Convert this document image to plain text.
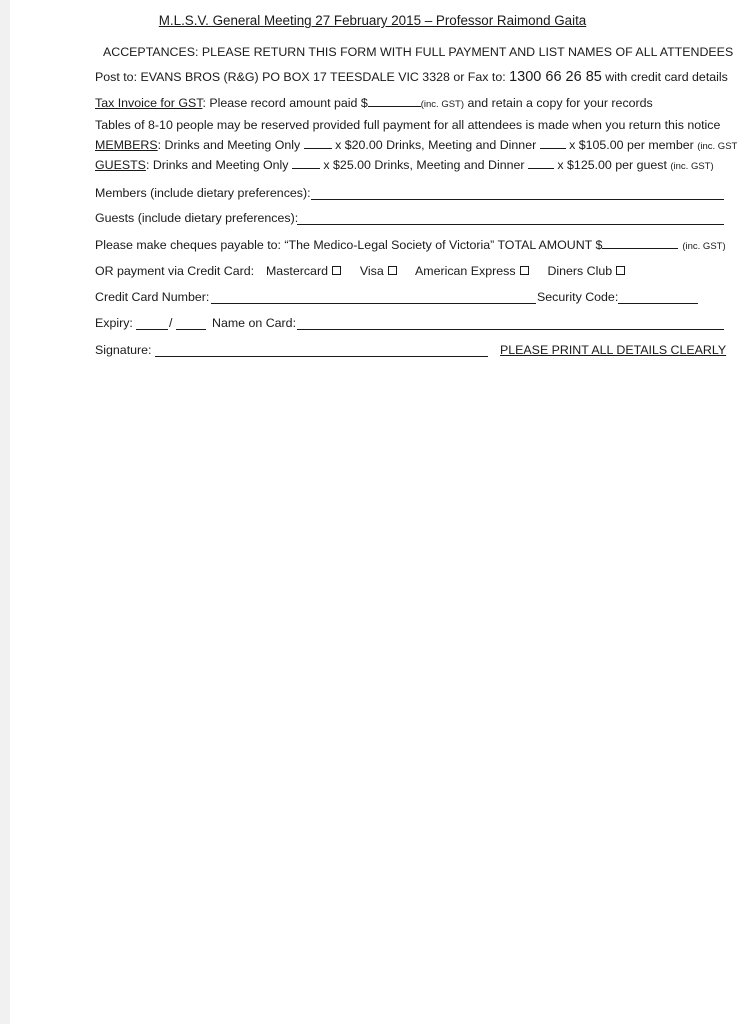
M.L.S.V. General Meeting 27 February 2015 – Professor Raimond Gaita
ACCEPTANCES: PLEASE RETURN THIS FORM WITH FULL PAYMENT AND LIST NAMES OF ALL ATTENDEES
Post to: EVANS BROS (R&G) PO BOX 17 TEESDALE VIC 3328 or Fax to: 1300 66 26 85 with credit card details
Tax Invoice for GST: Please record amount paid $	(inc. GST) and retain a copy for your records
Tables of 8-10 people may be reserved provided full payment for all attendees is made when you return this notice
MEMBERS: Drinks and Meeting Only  x $20.00 Drinks, Meeting and Dinner  x $105.00 per member (inc. GST
GUESTS: Drinks and Meeting Only  x $25.00 Drinks, Meeting and Dinner  x $125.00 per guest (inc. GST)
Members (include dietary preferences):
Guests (include dietary preferences):
Please make cheques payable to: “The Medico-Legal Society of Victoria” TOTAL AMOUNT $	(inc. GST)
OR payment via Credit Card: Mastercard	Visa	American Express	Diners Club
Credit Card Number:	Security Code:
Expiry:	/	Name on Card:
Signature:	PLEASE PRINT ALL DETAILS CLEARLY
